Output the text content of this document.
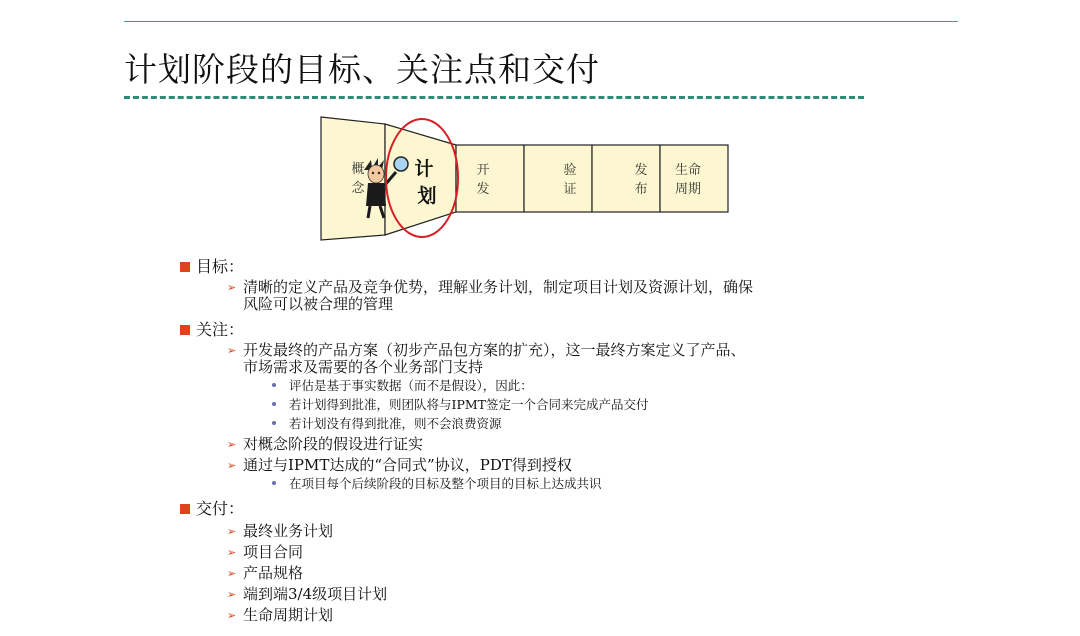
计划阶段的目标、关注点和交付
概
念
计
划
开
发
验
证
发
布
生命
周期
目标：
➢ 清晰的定义产品及竞争优势，理解业务计划，制定项目计划及资源计划，确保
风险可以被合理的管理
关注：
➢ 开发最终的产品方案（初步产品包方案的扩充），这一最终方案定义了产品、
市场需求及需要的各个业务部门支持
评估是基于事实数据（而不是假设），因此：
若计划得到批准，则团队将与IPMT签定一个合同来完成产品交付
若计划没有得到批准，则不会浪费资源
➢ 对概念阶段的假设进行证实
➢ 通过与IPMT达成的“合同式”协议，PDT得到授权
在项目每个后续阶段的目标及整个项目的目标上达成共识
交付：
➢ 最终业务计划
➢ 项目合同
➢ 产品规格
➢ 端到端3/4级项目计划
➢ 生命周期计划
